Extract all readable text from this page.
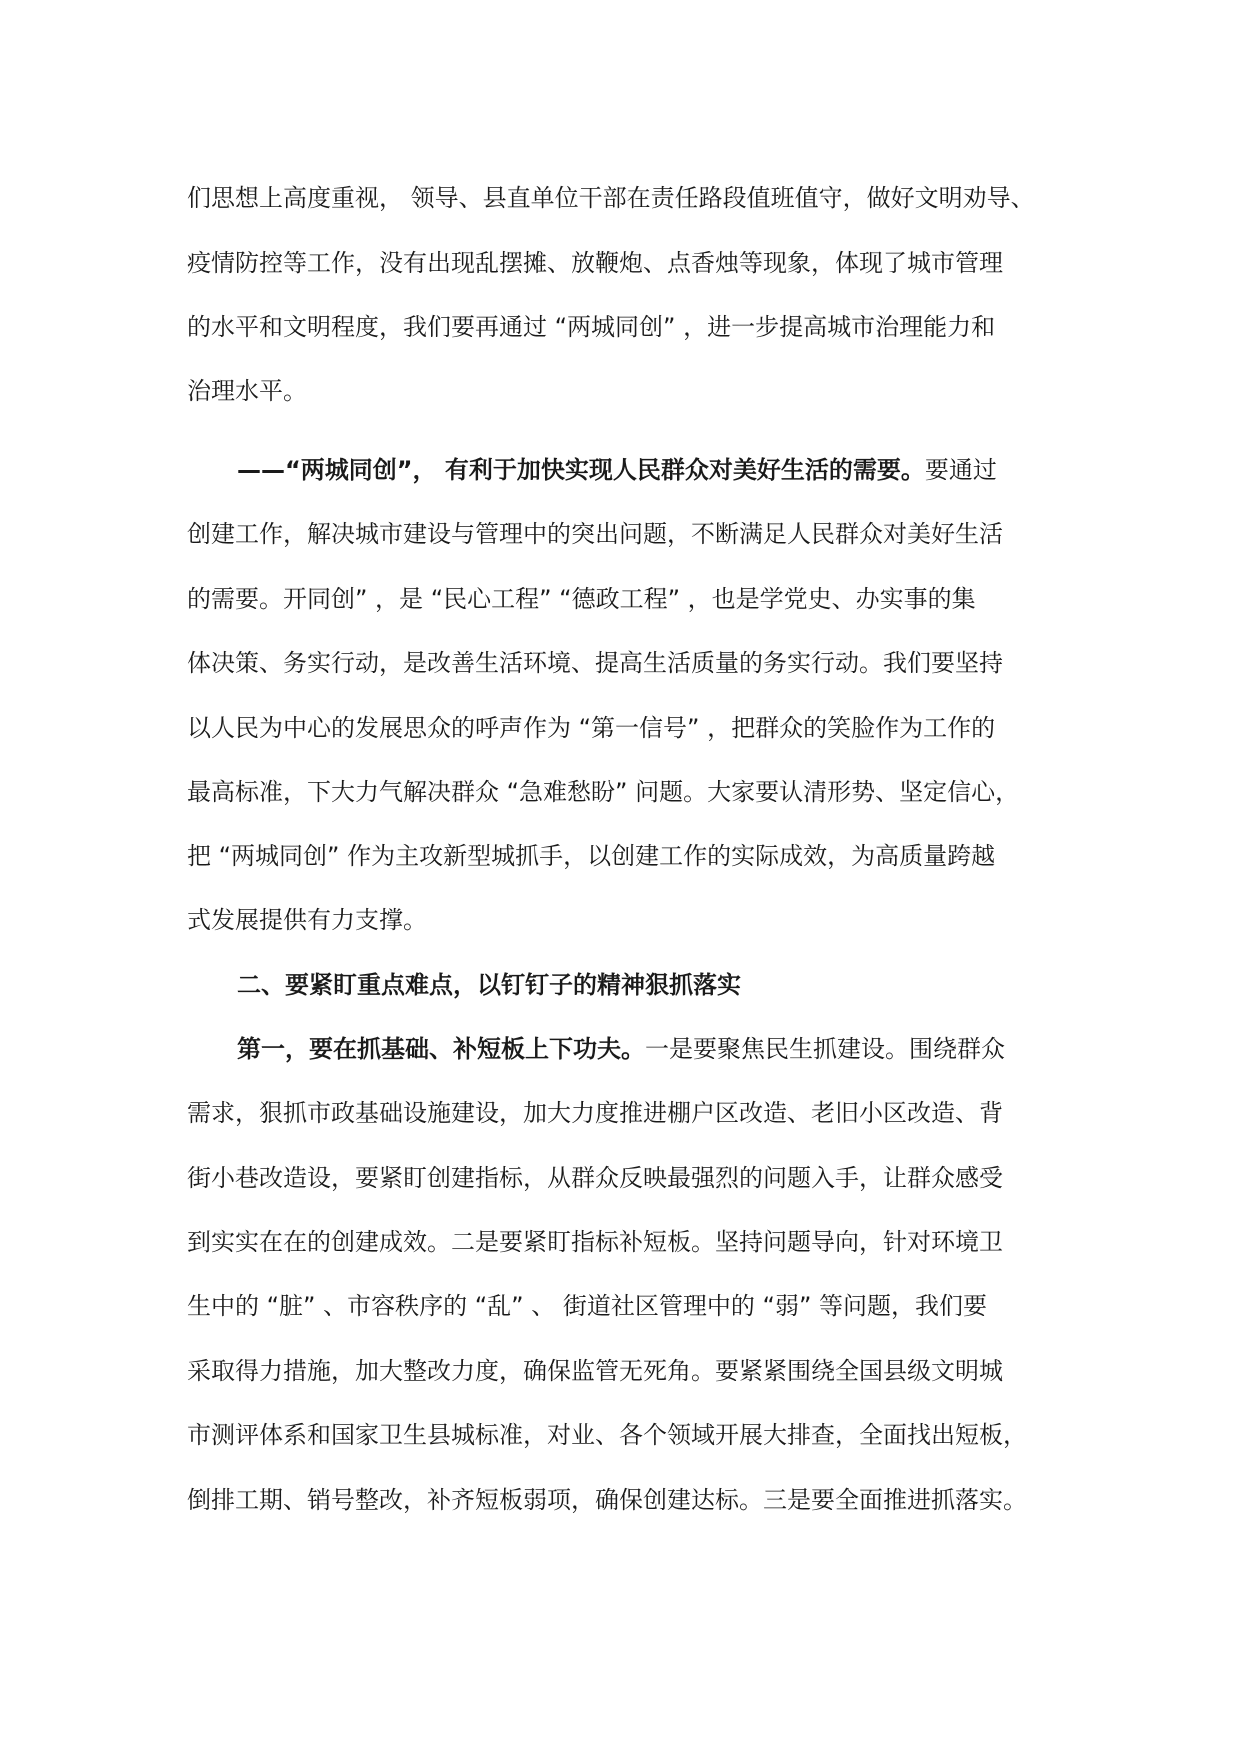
们思想上高度重视， 领导、县直单位干部在责任路段值班值守，做好文明劝导、
疫情防控等工作，没有出现乱摆摊、放鞭炮、点香烛等现象，体现了城市管理
的水平和文明程度，我们要再通过 “两城同创” ，进一步提高城市治理能力和
治理水平。
——“两城同创”， 有利于加快实现人民群众对美好生活的需要。要通过
创建工作，解决城市建设与管理中的突出问题，不断满足人民群众对美好生活
的需要。开同创” ，是 “民心工程” “德政工程” ，也是学党史、办实事的集
体决策、务实行动，是改善生活环境、提高生活质量的务实行动。我们要坚持
以人民为中心的发展思众的呼声作为 “第一信号” ，把群众的笑脸作为工作的
最高标准，下大力气解决群众 “急难愁盼” 问题。大家要认清形势、坚定信心，
把 “两城同创” 作为主攻新型城抓手，以创建工作的实际成效，为高质量跨越
式发展提供有力支撑。
二、要紧盯重点难点，以钉钉子的精神狠抓落实
第一，要在抓基础、补短板上下功夫。一是要聚焦民生抓建设。围绕群众
需求，狠抓市政基础设施建设，加大力度推进棚户区改造、老旧小区改造、背
街小巷改造设，要紧盯创建指标，从群众反映最强烈的问题入手，让群众感受
到实实在在的创建成效。二是要紧盯指标补短板。坚持问题导向，针对环境卫
生中的 “脏” 、市容秩序的 “乱” 、 街道社区管理中的 “弱” 等问题，我们要
采取得力措施，加大整改力度，确保监管无死角。要紧紧围绕全国县级文明城
市测评体系和国家卫生县城标准，对业、各个领域开展大排查，全面找出短板，
倒排工期、销号整改，补齐短板弱项，确保创建达标。三是要全面推进抓落实。
